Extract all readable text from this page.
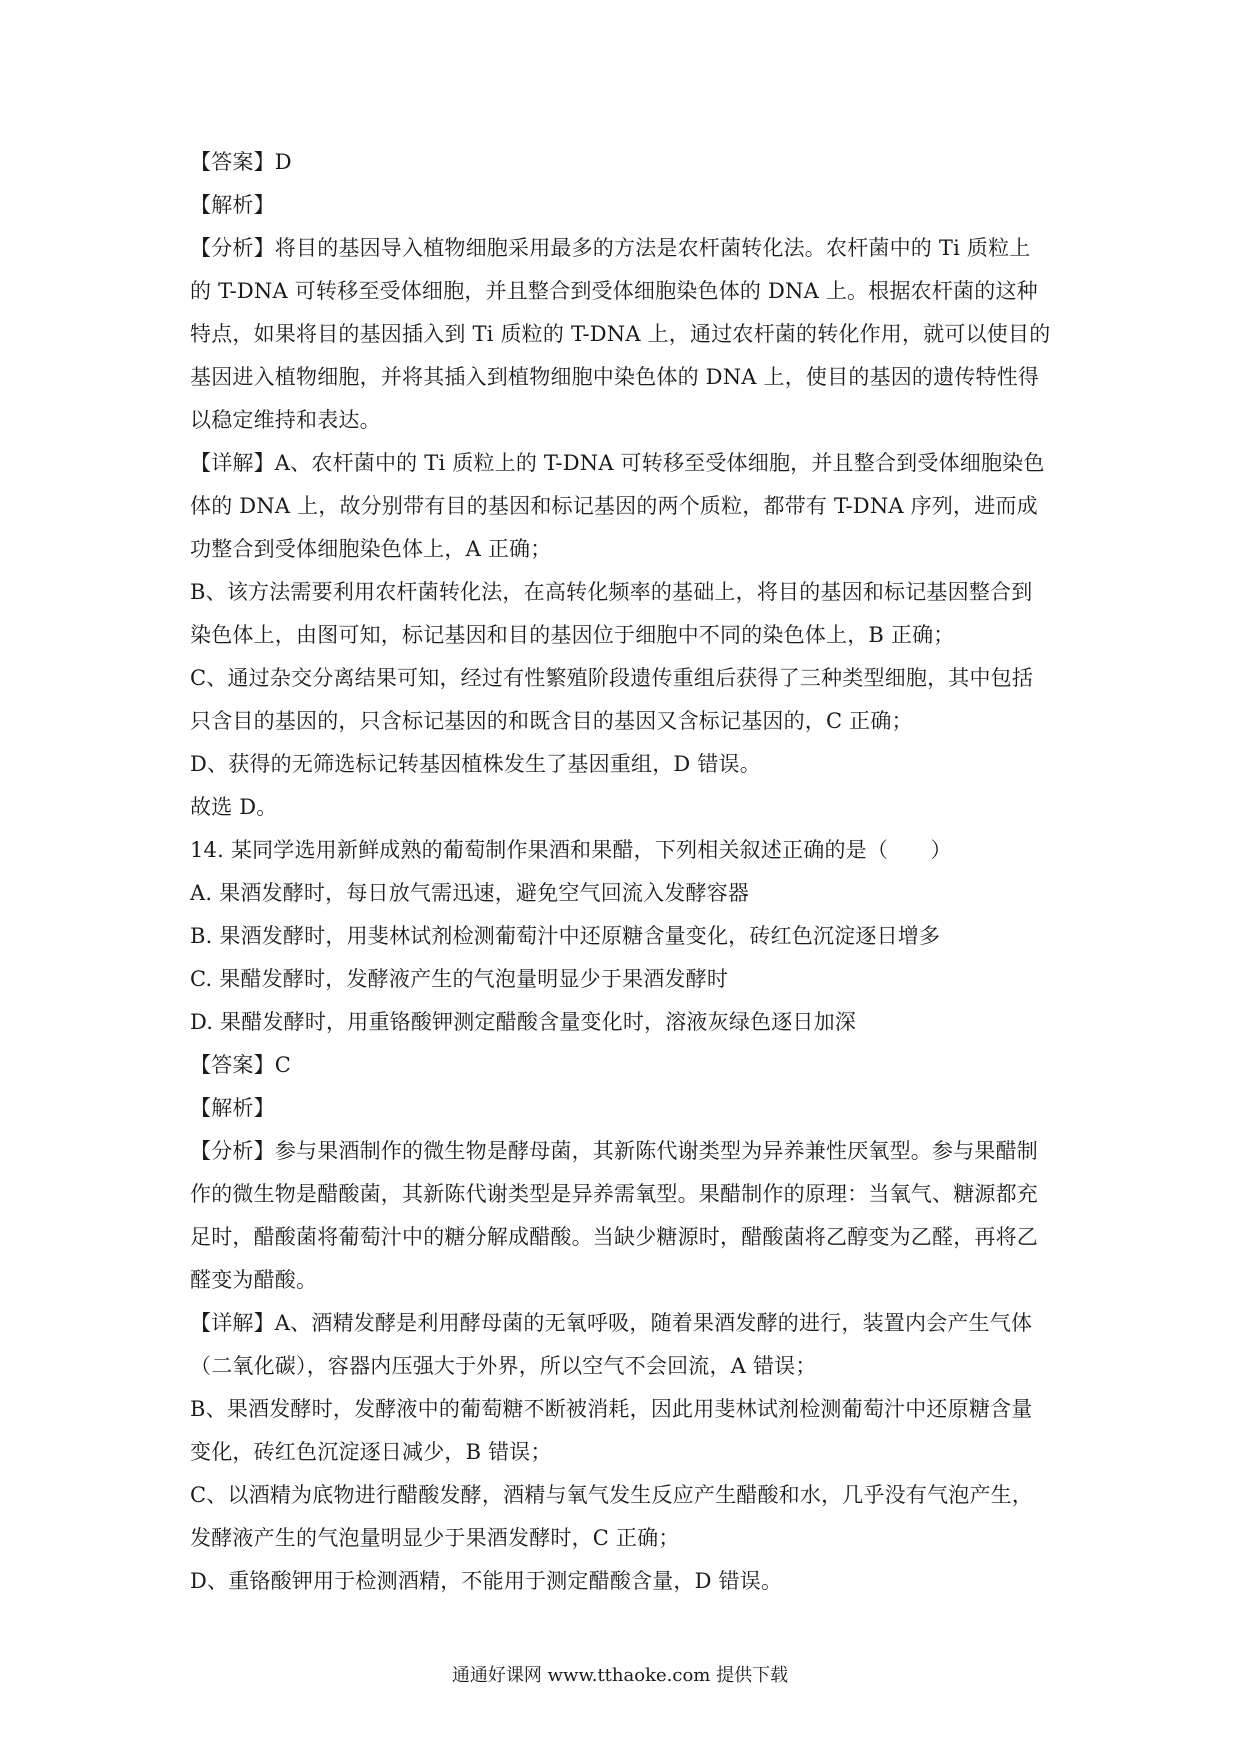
【答案】D
【解析】
【分析】将目的基因导入植物细胞采用最多的方法是农杆菌转化法。农杆菌中的 Ti 质粒上
的 T-DNA 可转移至受体细胞，并且整合到受体细胞染色体的 DNA 上。根据农杆菌的这种
特点，如果将目的基因插入到 Ti 质粒的 T-DNA 上，通过农杆菌的转化作用，就可以使目的
基因进入植物细胞，并将其插入到植物细胞中染色体的 DNA 上，使目的基因的遗传特性得
以稳定维持和表达。
【详解】A、农杆菌中的 Ti 质粒上的 T-DNA 可转移至受体细胞，并且整合到受体细胞染色
体的 DNA 上，故分别带有目的基因和标记基因的两个质粒，都带有 T-DNA 序列，进而成
功整合到受体细胞染色体上，A 正确；
B、该方法需要利用农杆菌转化法，在高转化频率的基础上，将目的基因和标记基因整合到
染色体上，由图可知，标记基因和目的基因位于细胞中不同的染色体上，B 正确；
C、通过杂交分离结果可知，经过有性繁殖阶段遗传重组后获得了三种类型细胞，其中包括
只含目的基因的，只含标记基因的和既含目的基因又含标记基因的，C 正确；
D、获得的无筛选标记转基因植株发生了基因重组，D 错误。
故选 D。
14. 某同学选用新鲜成熟的葡萄制作果酒和果醋，下列相关叙述正确的是（　　）
A. 果酒发酵时，每日放气需迅速，避免空气回流入发酵容器
B. 果酒发酵时，用斐林试剂检测葡萄汁中还原糖含量变化，砖红色沉淀逐日增多
C. 果醋发酵时，发酵液产生的气泡量明显少于果酒发酵时
D. 果醋发酵时，用重铬酸钾测定醋酸含量变化时，溶液灰绿色逐日加深
【答案】C
【解析】
【分析】参与果酒制作的微生物是酵母菌，其新陈代谢类型为异养兼性厌氧型。参与果醋制
作的微生物是醋酸菌，其新陈代谢类型是异养需氧型。果醋制作的原理：当氧气、糖源都充
足时，醋酸菌将葡萄汁中的糖分解成醋酸。当缺少糖源时，醋酸菌将乙醇变为乙醛，再将乙
醛变为醋酸。
【详解】A、酒精发酵是利用酵母菌的无氧呼吸，随着果酒发酵的进行，装置内会产生气体
（二氧化碳），容器内压强大于外界，所以空气不会回流，A 错误；
B、果酒发酵时，发酵液中的葡萄糖不断被消耗，因此用斐林试剂检测葡萄汁中还原糖含量
变化，砖红色沉淀逐日减少，B 错误；
C、以酒精为底物进行醋酸发酵，酒精与氧气发生反应产生醋酸和水，几乎没有气泡产生，
发酵液产生的气泡量明显少于果酒发酵时，C 正确；
D、重铬酸钾用于检测酒精，不能用于测定醋酸含量，D 错误。
通通好课网 www.tthaoke.com 提供下载
